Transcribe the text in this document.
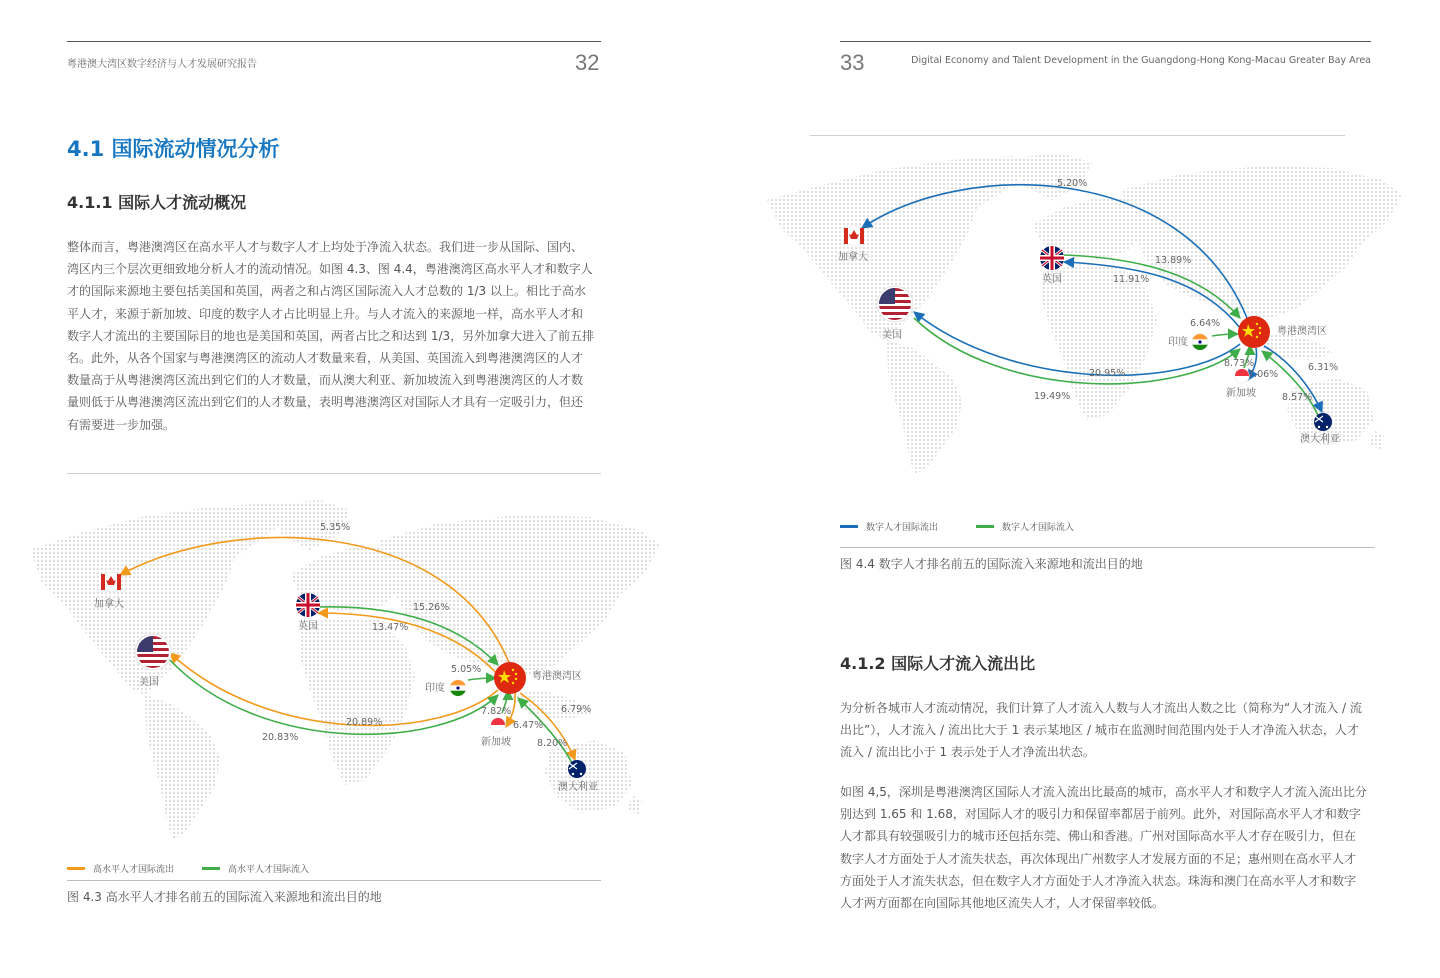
粤港澳大湾区数字经济与人才发展研究报告	32
4.1 国际流动情况分析
4.1.1 国际人才流动概况

整体而言，粤港澳湾区在高水平人才与数字人才上均处于净流入状态。我们进一步从国际、国内、

湾区内三个层次更细致地分析人才的流动情况。如图 4.3、图 4.4，粤港澳湾区高水平人才和数字人

才的国际来源地主要包括美国和英国，两者之和占湾区国际流入人才总数的 1/3 以上。相比于高水

平人才，来源于新加坡、印度的数字人才占比明显上升。与人才流入的来源地一样，高水平人才和

数字人才流出的主要国际目的地也是美国和英国，两者占比之和达到 1/3，另外加拿大进入了前五排

名。此外，从各个国家与粤港澳湾区的流动人才数量来看，从美国、英国流入到粤港澳湾区的人才

数量高于从粤港澳湾区流出到它们的人才数量，而从澳大利亚、新加坡流入到粤港澳湾区的人才数

量则低于从粤港澳湾区流出到它们的人才数量，表明粤港澳湾区对国际人才具有一定吸引力，但还

有需要进一步加强。

加拿大
英国
美国
印度
粤港澳湾区
新加坡
澳大利亚
5.35%
15.26%
13.47%
5.05%
20.89%
20.83%
7.82%
6.47%
6.79%
8.20%
高水平人才国际流出	高水平人才国际流入
图 4.3 高水平人才排名前五的国际流入来源地和流出目的地
33	Digital Economy and Talent Development in the Guangdong-Hong Kong-Macau Greater Bay Area
加拿大
英国
美国
印度
粤港澳湾区
新加坡
澳大利亚
5.20%
13.89%
11.91%
6.64%
20.95%
19.49%
8.73%
7.06%
6.31%
8.57%
数字人才国际流出	数字人才国际流入
图 4.4 数字人才排名前五的国际流入来源地和流出目的地
4.1.2 国际人才流入流出比

为分析各城市人才流动情况，我们计算了人才流入人数与人才流出人数之比（简称为“人才流入 / 流

出比”），人才流入 / 流出比大于 1 表示某地区 / 城市在监测时间范围内处于人才净流入状态，人才

流入 / 流出比小于 1 表示处于人才净流出状态。

如图 4,5，深圳是粤港澳湾区国际人才流入流出比最高的城市，高水平人才和数字人才流入流出比分

别达到 1.65 和 1.68，对国际人才的吸引力和保留率都居于前列。此外，对国际高水平人才和数字

人才都具有较强吸引力的城市还包括东莞、佛山和香港。广州对国际高水平人才存在吸引力，但在

数字人才方面处于人才流失状态，再次体现出广州数字人才发展方面的不足；惠州则在高水平人才

方面处于人才流失状态，但在数字人才方面处于人才净流入状态。珠海和澳门在高水平人才和数字

人才两方面都在向国际其他地区流失人才，人才保留率较低。
